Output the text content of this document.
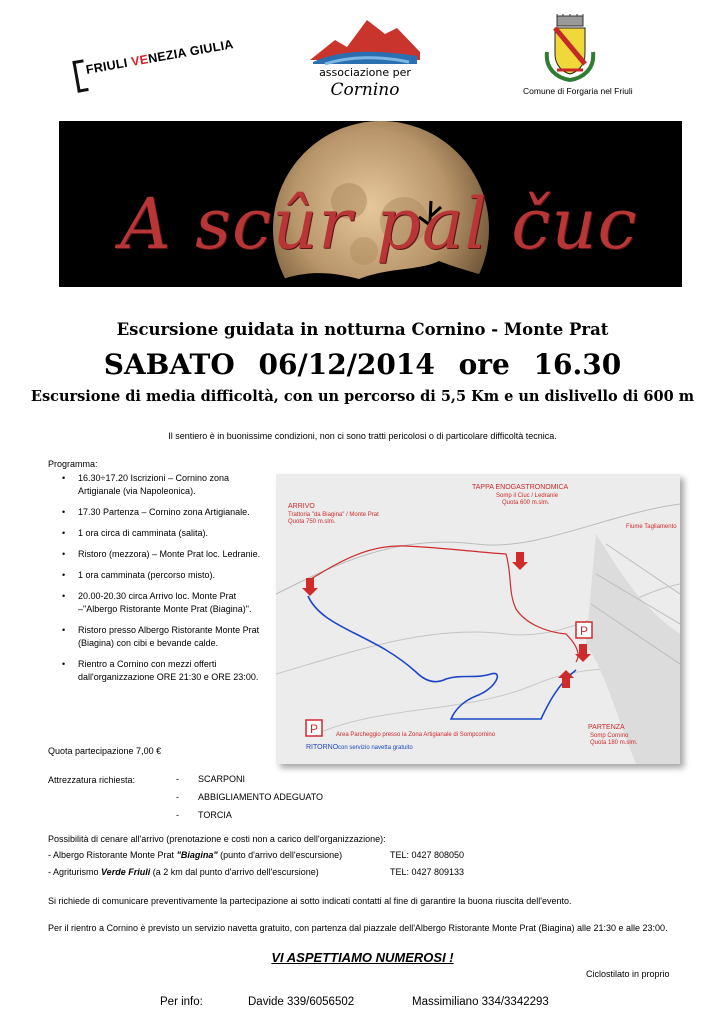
FRIULI VENEZIA GIULIA
associazione per
Cornino	Comune di Forgaria nel Friuli
A scûr pal čuc
Escursione guidata in notturna Cornino - Monte Prat
SABATO 06/12/2014 ore 16.30
Escursione di media difficoltà, con un percorso di 5,5 Km e un dislivello di 600 m
Il sentiero è in buonissime condizioni, non ci sono tratti pericolosi o di particolare difficoltà tecnica.
Programma:
• 16.30÷17.20 Iscrizioni – Cornino zona Artigianale (via Napoleonica).
• 17.30 Partenza – Cornino zona Artigianale.
• 1 ora circa di camminata (salita).
• Ristoro (mezzora) – Monte Prat loc. Ledranie.
• 1 ora camminata (percorso misto).
• 20.00-20.30 circa Arrivo loc. Monte Prat –"Albergo Ristorante Monte Prat (Biagina)".
• Ristoro presso Albergo Ristorante Monte Prat (Biagina) con cibi e bevande calde.
• Rientro a Cornino con mezzi offerti dall'organizzazione ORE 21:30 e ORE 23:00.
P
P
TAPPA ENOGASTRONOMICA
Somp il Ciuc / Ledranie
Quota 600 m.slm.
ARRIVO
Trattoria "da Biagina" / Monte Prat
Quota 750 m.slm.
Fiume Tagliamento
PARTENZA
Somp Cornino
Quota 180 m.slm.
Area Parcheggio presso la Zona Artigianale di Sompcornino
RITORNO con servizio navetta gratuito
Quota partecipazione 7,00 €
Attrezzatura richiesta:	- SCARPONI
- ABBIGLIAMENTO ADEGUATO
- TORCIA
Possibilità di cenare all'arrivo (prenotazione e costi non a carico dell'organizzazione):
- Albergo Ristorante Monte Prat "Biagina" (punto d'arrivo dell'escursione)	TEL: 0427 808050
- Agriturismo Verde Friuli (a 2 km dal punto d'arrivo dell'escursione)	TEL: 0427 809133
Si richiede di comunicare preventivamente la partecipazione ai sotto indicati contatti al fine di garantire la buona riuscita dell'evento.
Per il rientro a Cornino è previsto un servizio navetta gratuito, con partenza dal piazzale dell'Albergo Ristorante Monte Prat (Biagina) alle 21:30 e alle 23:00.
VI ASPETTIAMO NUMEROSI !
Ciclostilato in proprio
Per info:	Davide 339/6056502	Massimiliano 334/3342293
